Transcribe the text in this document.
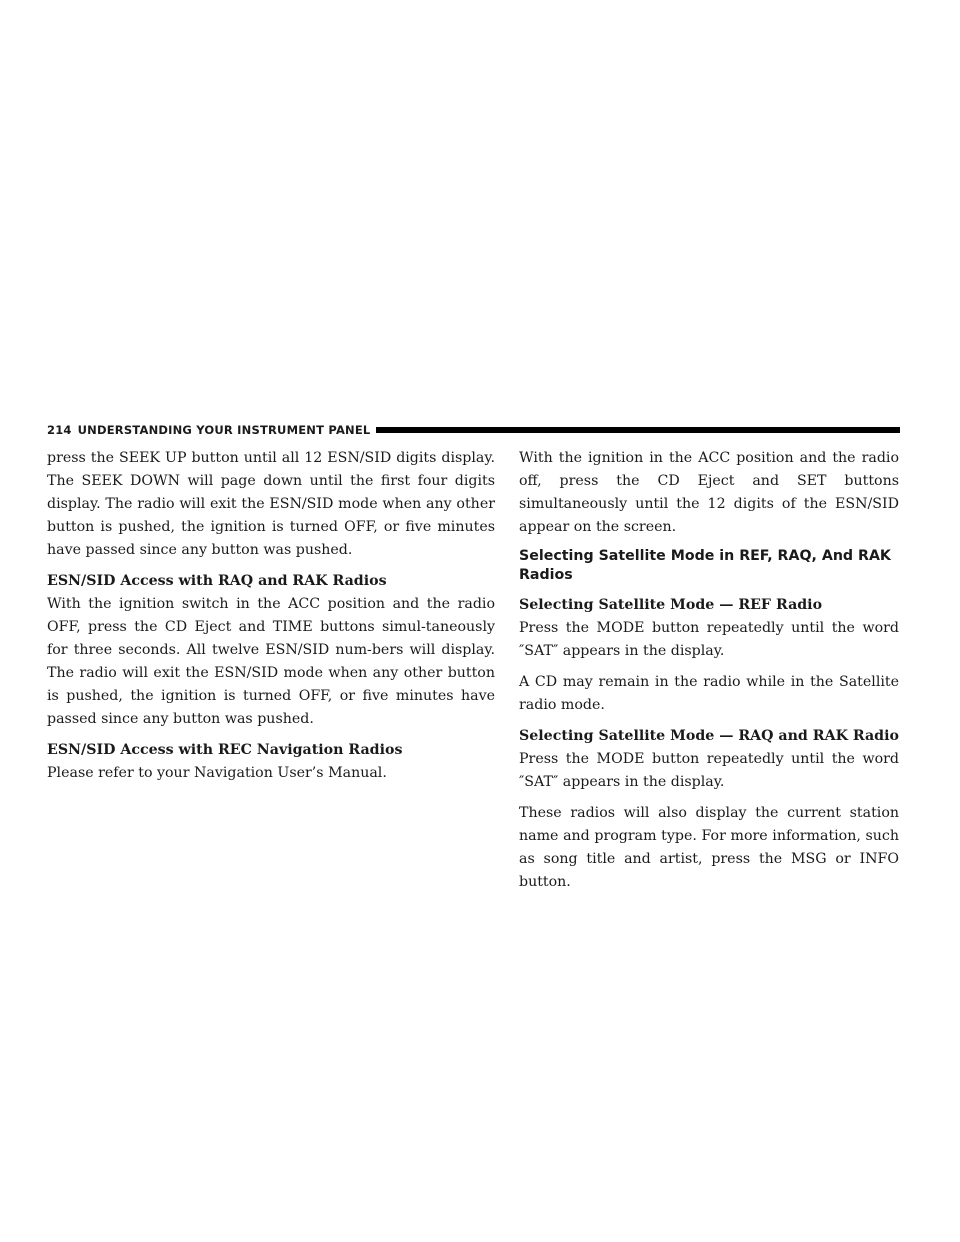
214 UNDERSTANDING YOUR INSTRUMENT PANEL

press the SEEK UP button until all 12 ESN/SID digits display. The SEEK DOWN will page down until the first four digits display. The radio will exit the ESN/SID mode when any other button is pushed, the ignition is turned OFF, or five minutes have passed since any button was pushed.

ESN/SID Access with RAQ and RAK Radios
With the ignition switch in the ACC position and the radio OFF, press the CD Eject and TIME buttons simul-taneously for three seconds. All twelve ESN/SID num-bers will display. The radio will exit the ESN/SID mode when any other button is pushed, the ignition is turned OFF, or five minutes have passed since any button was pushed.

ESN/SID Access with REC Navigation Radios
Please refer to your Navigation User’s Manual.

With the ignition in the ACC position and the radio off, press the CD Eject and SET buttons simultaneously until the 12 digits of the ESN/SID appear on the screen.

Selecting Satellite Mode in REF, RAQ, And RAK Radios

Selecting Satellite Mode — REF Radio
Press the MODE button repeatedly until the word ″SAT″ appears in the display.

A CD may remain in the radio while in the Satellite radio mode.

Selecting Satellite Mode — RAQ and RAK Radio
Press the MODE button repeatedly until the word ″SAT″ appears in the display.

These radios will also display the current station name and program type. For more information, such as song title and artist, press the MSG or INFO button.
